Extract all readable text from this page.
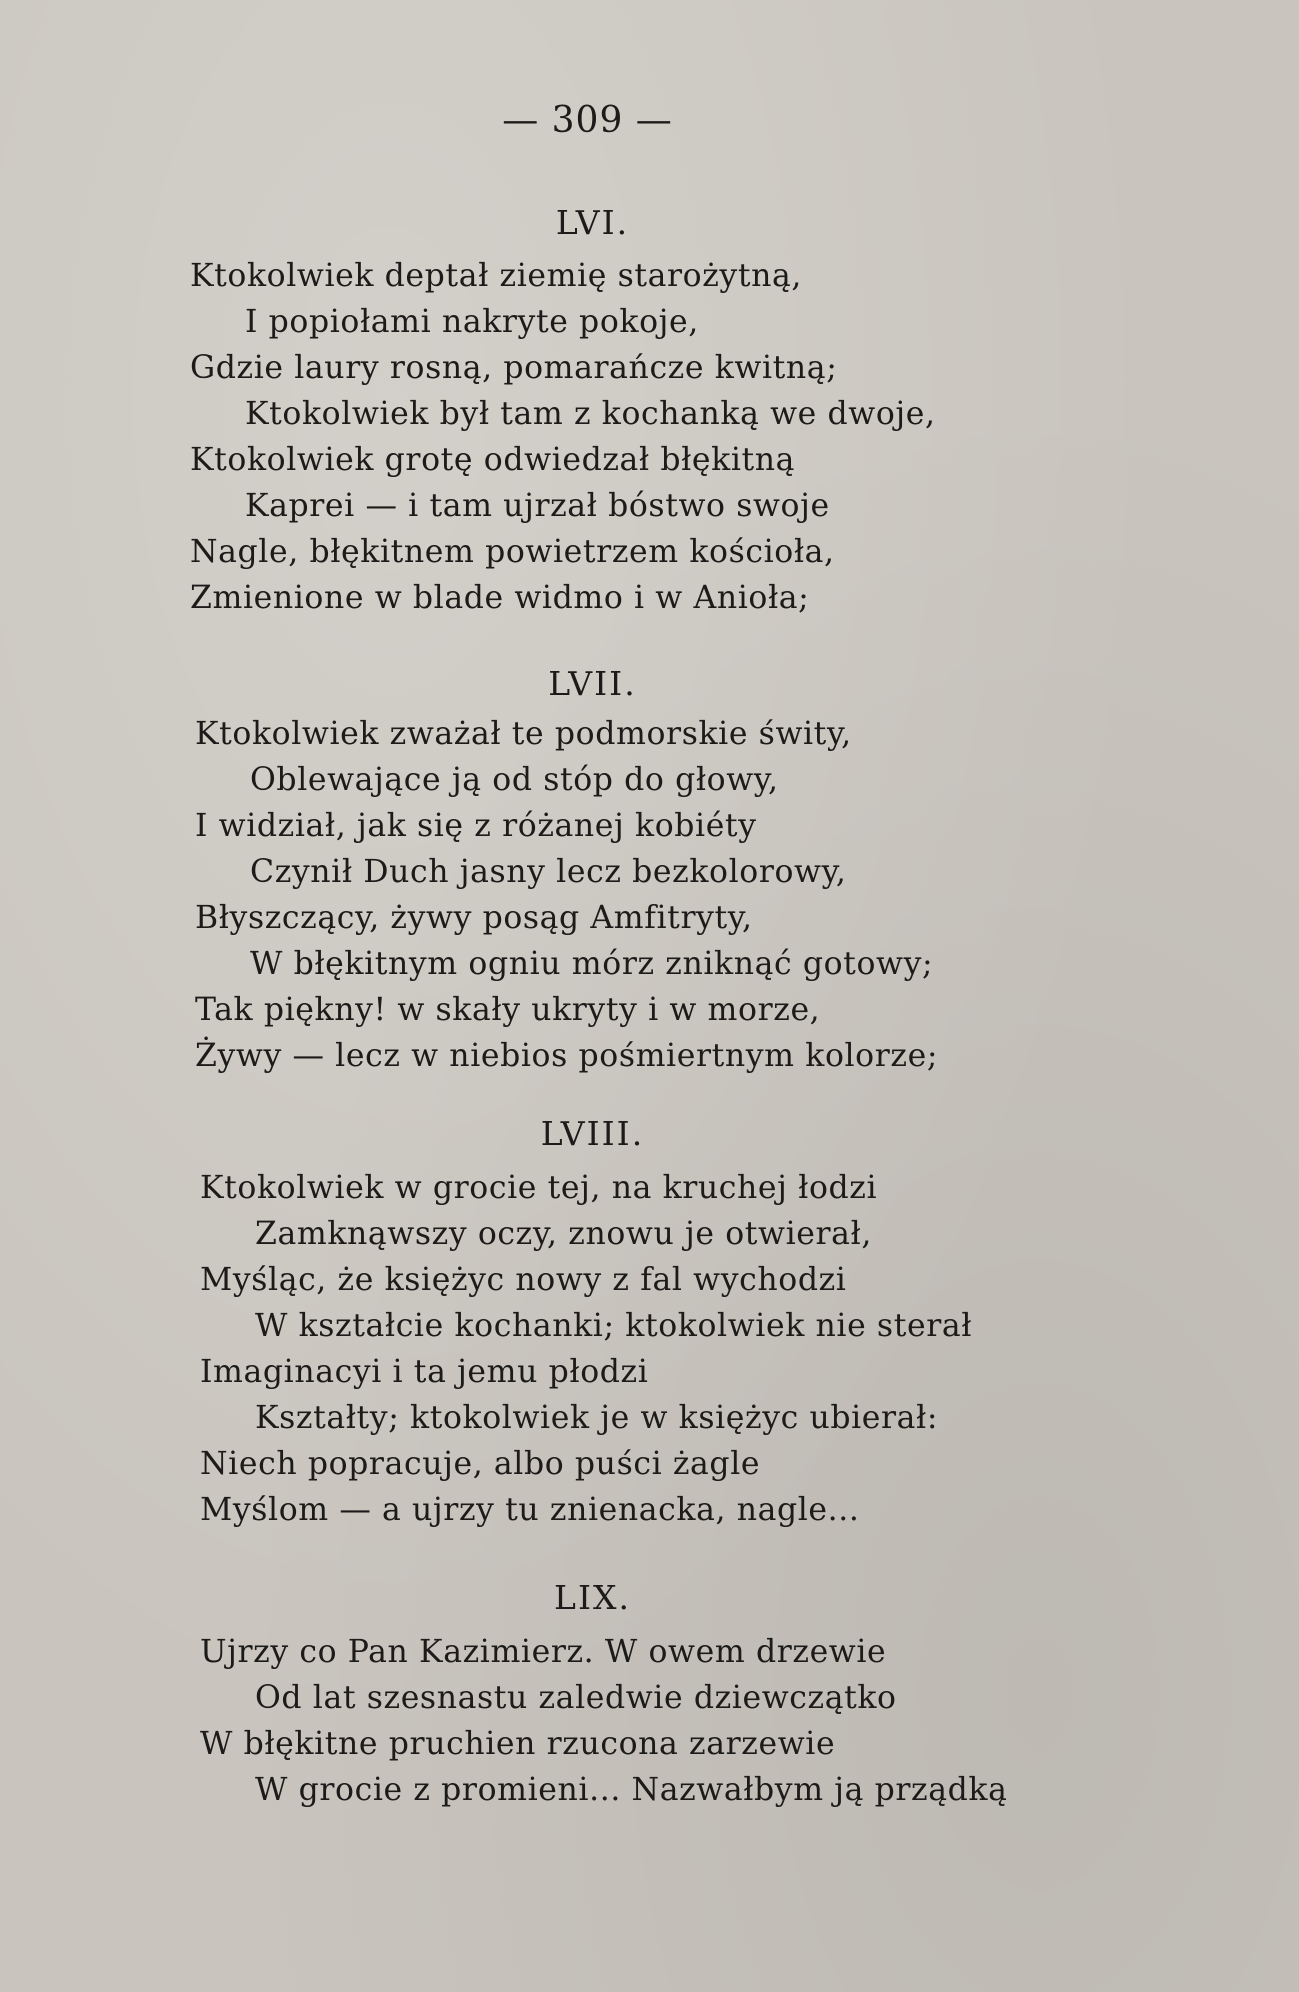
— 309 —
LVI.
Ktokolwiek deptał ziemię starożytną,
I popiołami nakryte pokoje,
Gdzie laury rosną, pomarańcze kwitną;
Ktokolwiek był tam z kochanką we dwoje,
Ktokolwiek grotę odwiedzał błękitną
Kaprei — i tam ujrzał bóstwo swoje
Nagle, błękitnem powietrzem kościoła,
Zmienione w blade widmo i w Anioła;
LVII.
Ktokolwiek zważał te podmorskie świty,
Oblewające ją od stóp do głowy,
I widział, jak się z różanej kobiéty
Czynił Duch jasny lecz bezkolorowy,
Błyszczący, żywy posąg Amfitryty,
W błękitnym ogniu mórz zniknąć gotowy;
Tak piękny! w skały ukryty i w morze,
Żywy — lecz w niebios pośmiertnym kolorze;
LVIII.
Ktokolwiek w grocie tej, na kruchej łodzi
Zamknąwszy oczy, znowu je otwierał,
Myśląc, że księżyc nowy z fal wychodzi
W kształcie kochanki; ktokolwiek nie sterał
Imaginacyi i ta jemu płodzi
Kształty; ktokolwiek je w księżyc ubierał:
Niech popracuje, albo puści żagle
Myślom — a ujrzy tu znienacka, nagle...
LIX.
Ujrzy co Pan Kazimierz. W owem drzewie
Od lat szesnastu zaledwie dziewczątko
W błękitne pruchien rzucona zarzewie
W grocie z promieni... Nazwałbym ją prządką
